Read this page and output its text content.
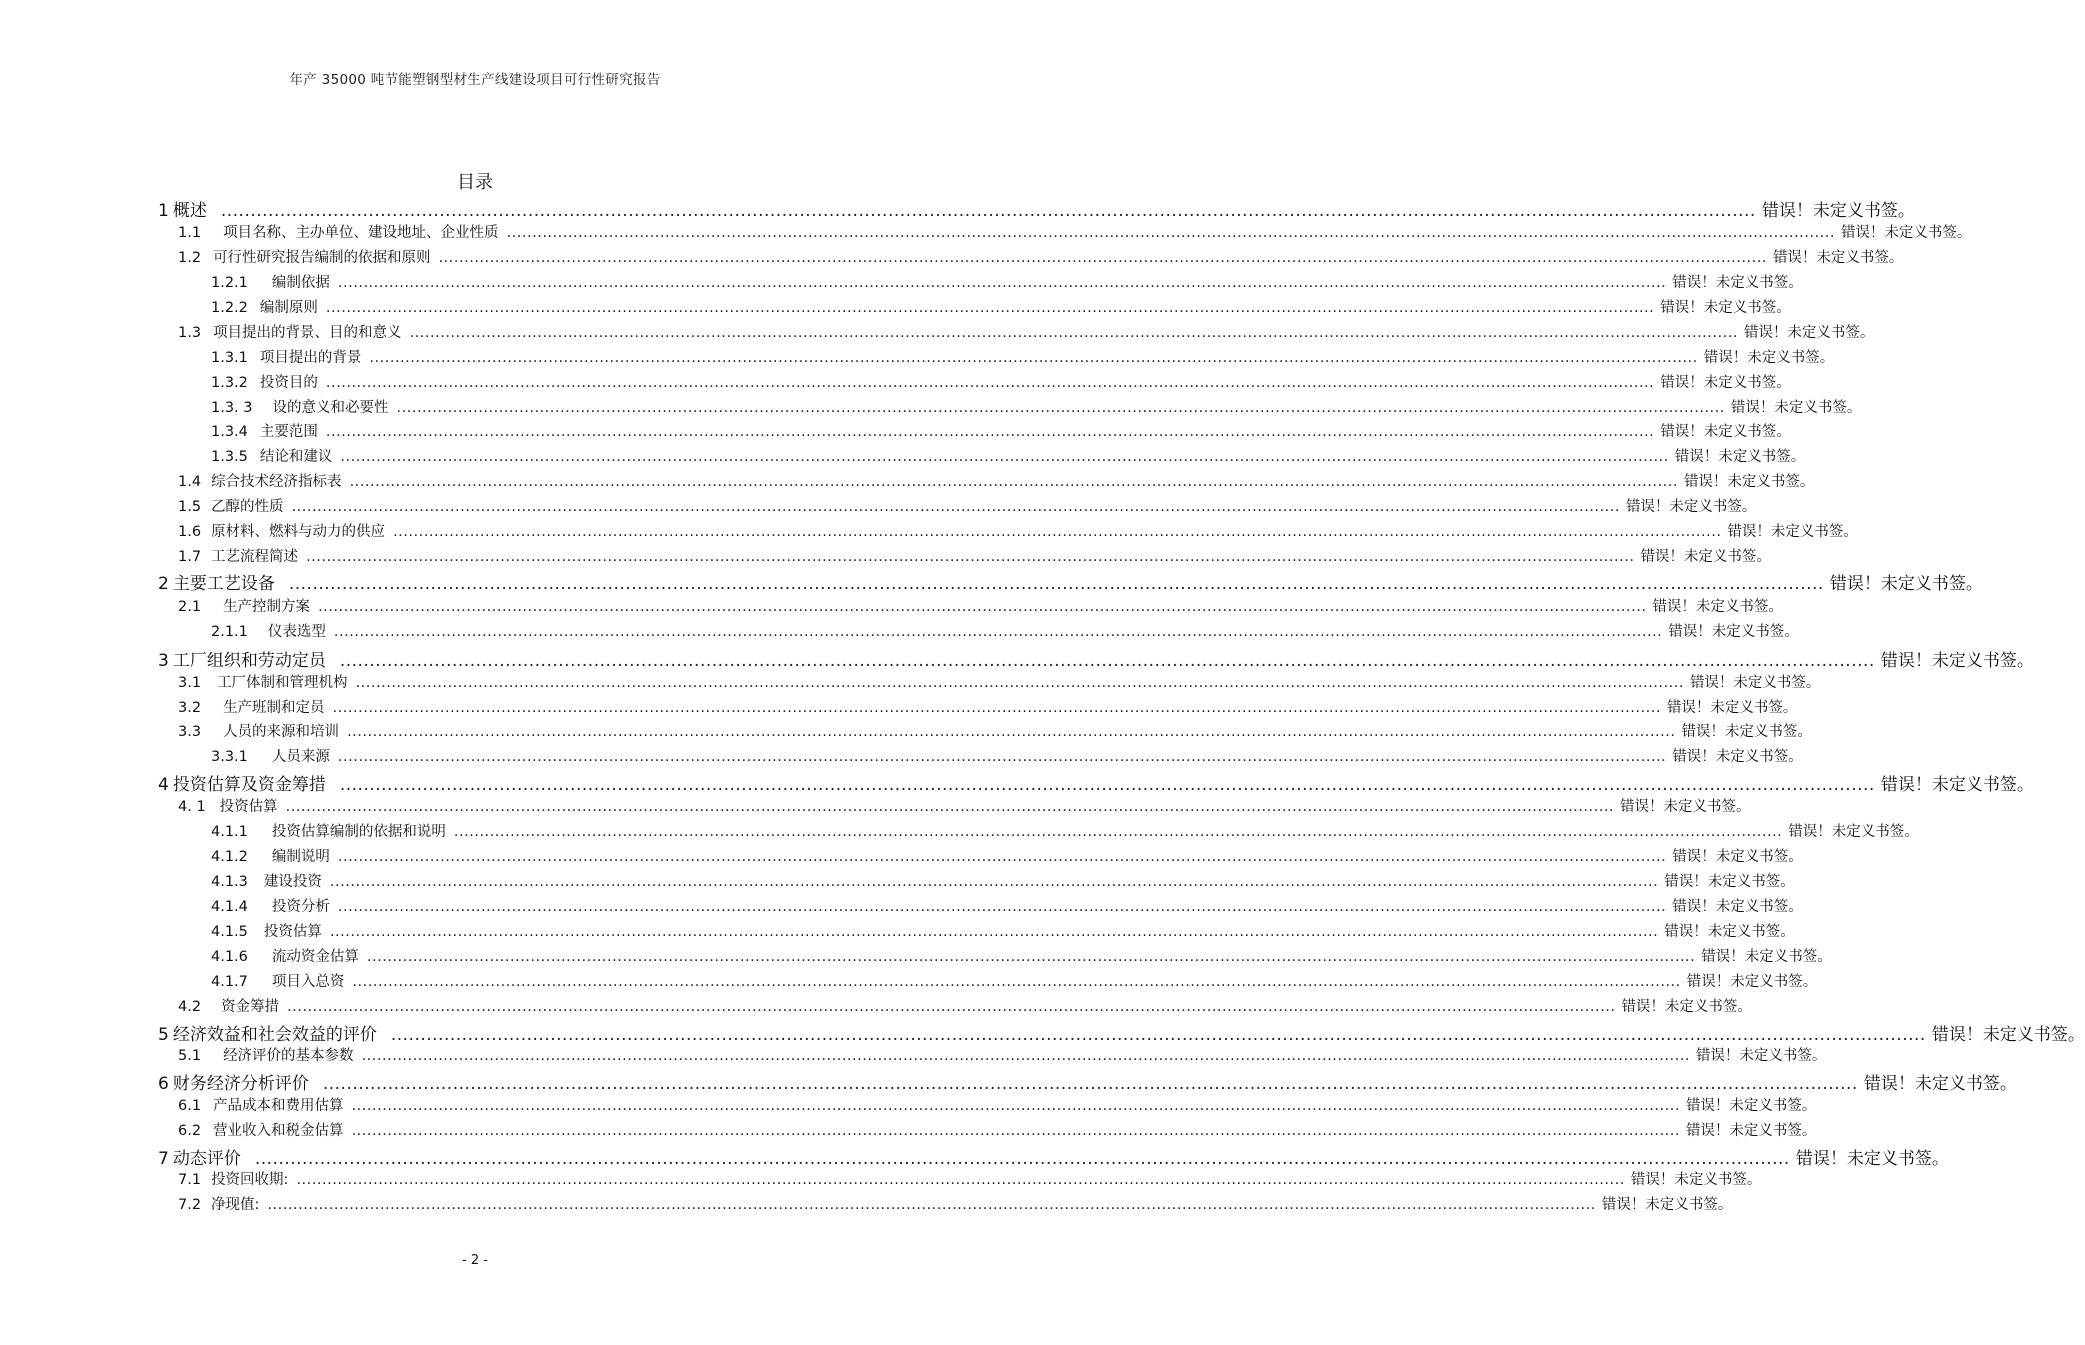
年产 35000 吨节能塑钢型材生产线建设项目可行性研究报告
目录
1 概述 .................................................................................................................................................................................................................................................................... 错误！未定义书签。
1.1 项目名称、主办单位、建设地址、企业性质 .................................................................................................................................................................................................................................................................... 错误！未定义书签。
1.2 可行性研究报告编制的依据和原则 .................................................................................................................................................................................................................................................................... 错误！未定义书签。
1.2.1 编制依据 .................................................................................................................................................................................................................................................................... 错误！未定义书签。
1.2.2 编制原则 .................................................................................................................................................................................................................................................................... 错误！未定义书签。
1.3 项目提出的背景、目的和意义 .................................................................................................................................................................................................................................................................... 错误！未定义书签。
1.3.1 项目提出的背景 .................................................................................................................................................................................................................................................................... 错误！未定义书签。
1.3.2 投资目的 .................................................................................................................................................................................................................................................................... 错误！未定义书签。
1.3. 3 设的意义和必要性 .................................................................................................................................................................................................................................................................... 错误！未定义书签。
1.3.4 主要范围 .................................................................................................................................................................................................................................................................... 错误！未定义书签。
1.3.5 结论和建议 .................................................................................................................................................................................................................................................................... 错误！未定义书签。
1.4 综合技术经济指标表 .................................................................................................................................................................................................................................................................... 错误！未定义书签。
1.5 乙醇的性质 .................................................................................................................................................................................................................................................................... 错误！未定义书签。
1.6 原材料、燃料与动力的供应 .................................................................................................................................................................................................................................................................... 错误！未定义书签。
1.7 工艺流程简述 .................................................................................................................................................................................................................................................................... 错误！未定义书签。
2 主要工艺设备 .................................................................................................................................................................................................................................................................... 错误！未定义书签。
2.1 生产控制方案 .................................................................................................................................................................................................................................................................... 错误！未定义书签。
2.1.1 仪表选型 .................................................................................................................................................................................................................................................................... 错误！未定义书签。
3 工厂组织和劳动定员 .................................................................................................................................................................................................................................................................... 错误！未定义书签。
3.1 工厂体制和管理机构 .................................................................................................................................................................................................................................................................... 错误！未定义书签。
3.2 生产班制和定员 .................................................................................................................................................................................................................................................................... 错误！未定义书签。
3.3 人员的来源和培训 .................................................................................................................................................................................................................................................................... 错误！未定义书签。
3.3.1 人员来源 .................................................................................................................................................................................................................................................................... 错误！未定义书签。
4 投资估算及资金筹措 .................................................................................................................................................................................................................................................................... 错误！未定义书签。
4. 1 投资估算 .................................................................................................................................................................................................................................................................... 错误！未定义书签。
4.1.1 投资估算编制的依据和说明 .................................................................................................................................................................................................................................................................... 错误！未定义书签。
4.1.2 编制说明 .................................................................................................................................................................................................................................................................... 错误！未定义书签。
4.1.3 建设投资 .................................................................................................................................................................................................................................................................... 错误！未定义书签。
4.1.4 投资分析 .................................................................................................................................................................................................................................................................... 错误！未定义书签。
4.1.5 投资估算 .................................................................................................................................................................................................................................................................... 错误！未定义书签。
4.1.6 流动资金估算 .................................................................................................................................................................................................................................................................... 错误！未定义书签。
4.1.7 项目入总资 .................................................................................................................................................................................................................................................................... 错误！未定义书签。
4.2 资金筹措 .................................................................................................................................................................................................................................................................... 错误！未定义书签。
5 经济效益和社会效益的评价 .................................................................................................................................................................................................................................................................... 错误！未定义书签。
5.1 经济评价的基本参数 .................................................................................................................................................................................................................................................................... 错误！未定义书签。
6 财务经济分析评价 .................................................................................................................................................................................................................................................................... 错误！未定义书签。
6.1 产品成本和费用估算 .................................................................................................................................................................................................................................................................... 错误！未定义书签。
6.2 营业收入和税金估算 .................................................................................................................................................................................................................................................................... 错误！未定义书签。
7 动态评价 .................................................................................................................................................................................................................................................................... 错误！未定义书签。
7.1 投资回收期: .................................................................................................................................................................................................................................................................... 错误！未定义书签。
7.2 净现值: .................................................................................................................................................................................................................................................................... 错误！未定义书签。
- 2 -
